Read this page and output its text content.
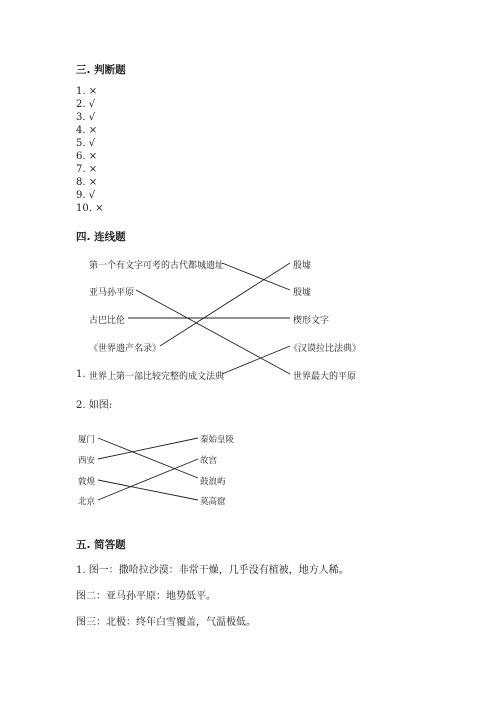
三. 判断题
1. ×
2. √
3. √
4. ×
5. √
6. ×
7. ×
8. ×
9. √
10. ×
四. 连线题
第一个有文字可考的古代都城遗址
亚马孙平原
古巴比伦
《世界遗产名录》
1. 世界上第一部比较完整的成文法典
殷墟
殷墟
楔形文字
《汉谟拉比法典》
世界最大的平原
2. 如图:
厦门
西安
敦煌
北京
秦始皇陵
故宫
鼓浪屿
莫高窟
五. 简答题
1. 图一：撒哈拉沙漠：非常干燥，几乎没有植被，地方人稀。
图二：亚马孙平原：地势低平。
图三：北极：终年白雪覆盖，气温极低。
